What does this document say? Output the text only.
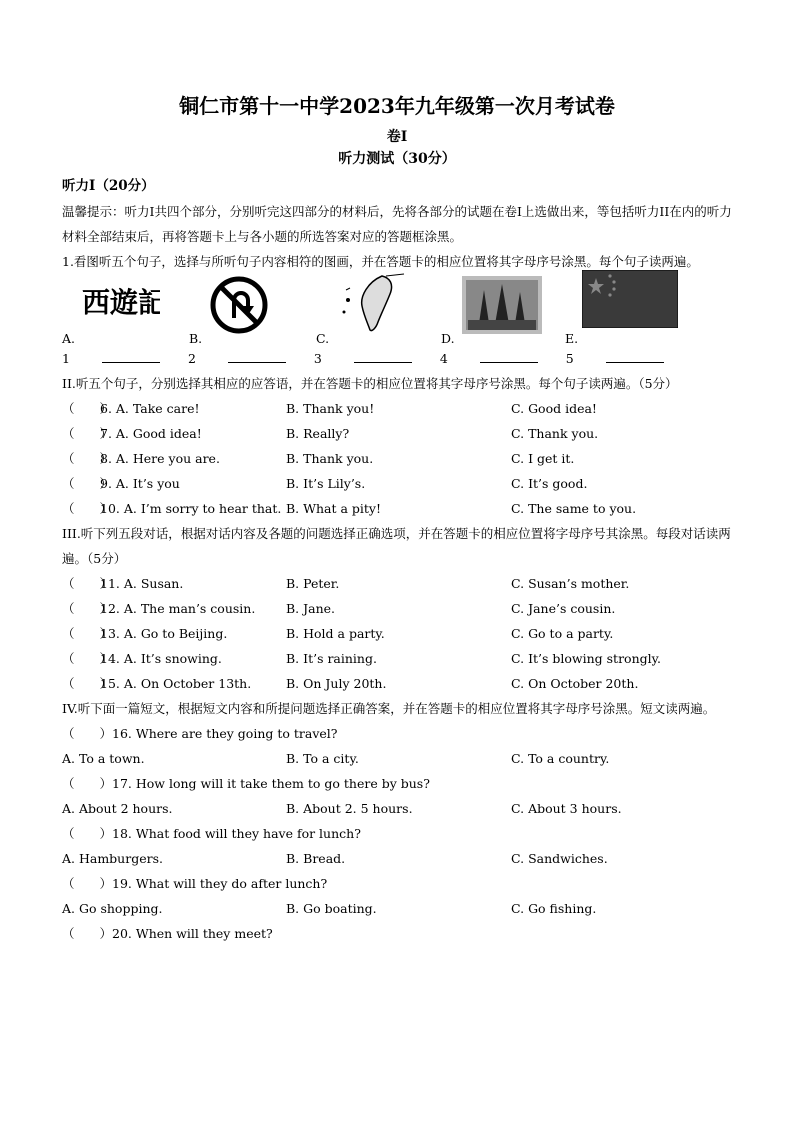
铜仁市第十一中学2023年九年级第一次月考试卷
卷I
听力测试（30分）
听力I（20分）

温馨提示：听力I共四个部分，分别听完这四部分的材料后，先将各部分的试题在卷I上选做出来，等包括听力II在内的听力材料全部结束后，再将答题卡上与各小题的所选答案对应的答题框涂黑。

1.看图听五个句子，选择与所听句子内容相符的图画，并在答题卡的相应位置将其字母序号涂黑。每个句子读两遍。

A.
西遊記
B.	C.	D.	E.
1	2	3	4	5

II.听五个句子，分别选择其相应的应答语，并在答题卡的相应位置将其字母序号涂黑。每个句子读两遍。（5分）

（　　）
6. A. Take care!	B. Thank you!	C. Good idea!
（　　）
7. A. Good idea!	B. Really?	C. Thank you.
（　　）
8. A. Here you are.	B. Thank you.	C. I get it.
（　　）
9. A. It’s you	B. It’s Lily’s.	C. It’s good.
（　　）
10. A. I’m sorry to hear that. B. What a pity!	C. The same to you.

III.听下列五段对话，根据对话内容及各题的问题选择正确选项，并在答题卡的相应位置将字母序号其涂黑。每段对话读两遍。（5分）

（　　）
11. A. Susan.	B. Peter.	C. Susan’s mother.
（　　）
12. A. The man’s cousin. B. Jane.	C. Jane’s cousin.
（　　）
13. A. Go to Beijing.	B. Hold a party.	C. Go to a party.
（　　）
14. A. It’s snowing.	B. It’s raining.	C. It’s blowing strongly.
（　　）
15. A. On October 13th.	B. On July 20th.	C. On October 20th.

IV.听下面一篇短文，根据短文内容和所提问题选择正确答案，并在答题卡的相应位置将其字母序号涂黑。短文读两遍。

（　　）16. Where are they going to travel?
A. To a town.	B. To a city.	C. To a country.
（　　）17. How long will it take them to go there by bus?
A. About 2 hours.	B. About 2. 5 hours.	C. About 3 hours.
（　　）18. What food will they have for lunch?
A. Hamburgers.	B. Bread.	C. Sandwiches.
（　　）19. What will they do after lunch?
A. Go shopping.	B. Go boating.	C. Go fishing.
（　　）20. When will they meet?
